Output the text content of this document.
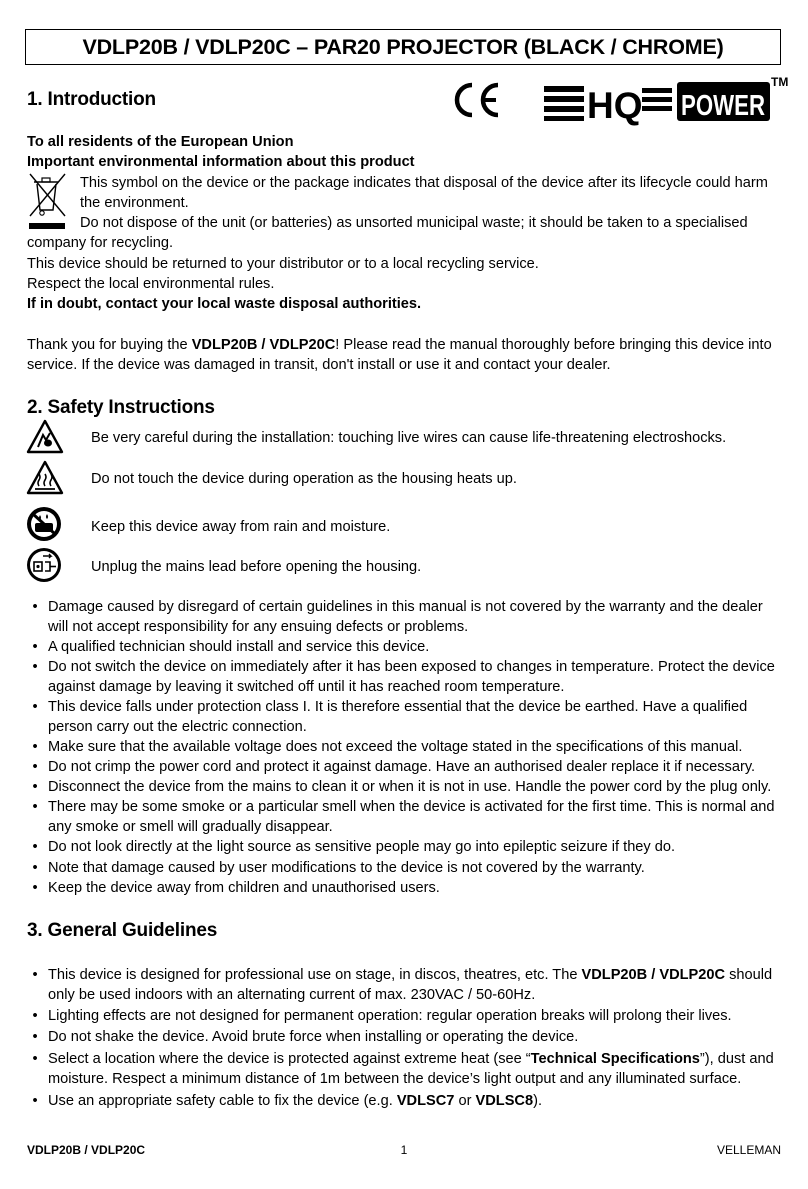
VDLP20B / VDLP20C – PAR20 PROJECTOR (BLACK / CHROME)
1. Introduction	HQ POWER
TM
To all residents of the European Union
Important environmental information about this product
This symbol on the device or the package indicates that disposal of the device after its lifecycle could harm
the environment.
Do not dispose of the unit (or batteries) as unsorted municipal waste; it should be taken to a specialised
company for recycling.
This device should be returned to your distributor or to a local recycling service.
Respect the local environmental rules.
If in doubt, contact your local waste disposal authorities.
Thank you for buying the VDLP20B / VDLP20C! Please read the manual thoroughly before bringing this device into
service. If the device was damaged in transit, don't install or use it and contact your dealer.
2. Safety Instructions
Be very careful during the installation: touching live wires can cause life-threatening electroshocks.
Do not touch the device during operation as the housing heats up.
Keep this device away from rain and moisture.
Unplug the mains lead before opening the housing.
• Damage caused by disregard of certain guidelines in this manual is not covered by the warranty and the dealer
will not accept responsibility for any ensuing defects or problems.
• A qualified technician should install and service this device.
• Do not switch the device on immediately after it has been exposed to changes in temperature. Protect the device
against damage by leaving it switched off until it has reached room temperature.
• This device falls under protection class I. It is therefore essential that the device be earthed. Have a qualified
person carry out the electric connection.
• Make sure that the available voltage does not exceed the voltage stated in the specifications of this manual.
• Do not crimp the power cord and protect it against damage. Have an authorised dealer replace it if necessary.
• Disconnect the device from the mains to clean it or when it is not in use. Handle the power cord by the plug only.
• There may be some smoke or a particular smell when the device is activated for the first time. This is normal and
any smoke or smell will gradually disappear.
• Do not look directly at the light source as sensitive people may go into epileptic seizure if they do.
• Note that damage caused by user modifications to the device is not covered by the warranty.
• Keep the device away from children and unauthorised users.
3. General Guidelines
• This device is designed for professional use on stage, in discos, theatres, etc. The VDLP20B / VDLP20C should
only be used indoors with an alternating current of max. 230VAC / 50-60Hz.
• Lighting effects are not designed for permanent operation: regular operation breaks will prolong their lives.
• Do not shake the device. Avoid brute force when installing or operating the device.
• Select a location where the device is protected against extreme heat (see “Technical Specifications”), dust and
moisture. Respect a minimum distance of 1m between the device’s light output and any illuminated surface.
• Use an appropriate safety cable to fix the device (e.g. VDLSC7 or VDLSC8).
VDLP20B / VDLP20C	1	VELLEMAN
